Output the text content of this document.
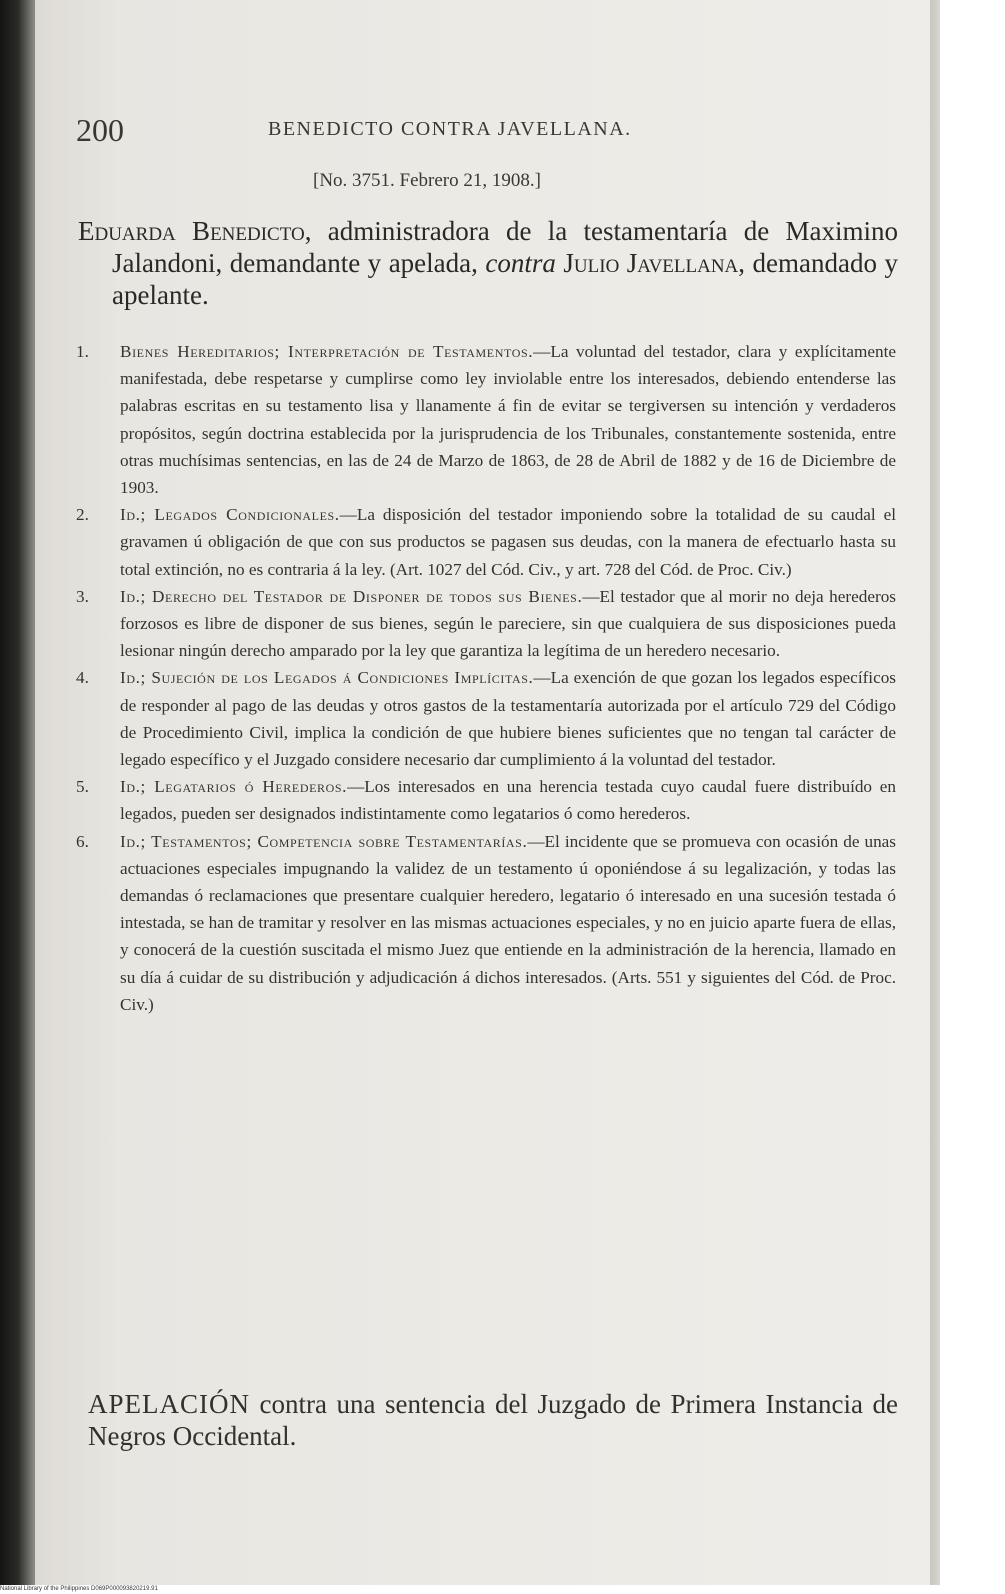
200	BENEDICTO CONTRA JAVELLANA.
[No. 3751. Febrero 21, 1908.]

Eduarda Benedicto, administradora de la testamentaría de Maximino Jalandoni, demandante y apelada, contra Julio Javellana, demandado y apelante.

1.	Bienes Hereditarios; Interpretación de Testamentos.—La voluntad del testador, clara y explícitamente manifestada, debe respetarse y cumplirse como ley inviolable entre los interesados, debiendo entenderse las palabras escritas en su testamento lisa y llanamente á fin de evitar se tergiversen su intención y verdaderos propósitos, según doctrina establecida por la jurisprudencia de los Tribunales, constantemente sostenida, entre otras muchísimas sentencias, en las de 24 de Marzo de 1863, de 28 de Abril de 1882 y de 16 de Diciembre de 1903.
2.	Id.; Legados Condicionales.—La disposición del testador imponiendo sobre la totalidad de su caudal el gravamen ú obligación de que con sus productos se pagasen sus deudas, con la manera de efectuarlo hasta su total extinción, no es contraria á la ley. (Art. 1027 del Cód. Civ., y art. 728 del Cód. de Proc. Civ.)
3.	Id.; Derecho del Testador de Disponer de todos sus Bienes.—El testador que al morir no deja herederos forzosos es libre de disponer de sus bienes, según le pareciere, sin que cualquiera de sus disposiciones pueda lesionar ningún derecho amparado por la ley que garantiza la legítima de un heredero necesario.
4.	Id.; Sujeción de los Legados á Condiciones Implícitas.—La exención de que gozan los legados específicos de responder al pago de las deudas y otros gastos de la testamentaría autorizada por el artículo 729 del Código de Procedimiento Civil, implica la condición de que hubiere bienes suficientes que no tengan tal carácter de legado específico y el Juzgado considere necesario dar cumplimiento á la voluntad del testador.
5.	Id.; Legatarios ó Herederos.—Los interesados en una herencia testada cuyo caudal fuere distribuído en legados, pueden ser designados indistintamente como legatarios ó como herederos.
6.	Id.; Testamentos; Competencia sobre Testamentarías.—El incidente que se promueva con ocasión de unas actuaciones especiales impugnando la validez de un testamento ú oponiéndose á su legalización, y todas las demandas ó reclamaciones que presentare cualquier heredero, legatario ó interesado en una sucesión testada ó intestada, se han de tramitar y resolver en las mismas actuaciones especiales, y no en juicio aparte fuera de ellas, y conocerá de la cuestión suscitada el mismo Juez que entiende en la administración de la herencia, llamado en su día á cuidar de su distribución y adjudicación á dichos interesados. (Arts. 551 y siguientes del Cód. de Proc. Civ.)
APELACIÓN contra una sentencia del Juzgado de Primera Instancia de Negros Occidental.
National Library of the Philippines D069P000093820219.91
